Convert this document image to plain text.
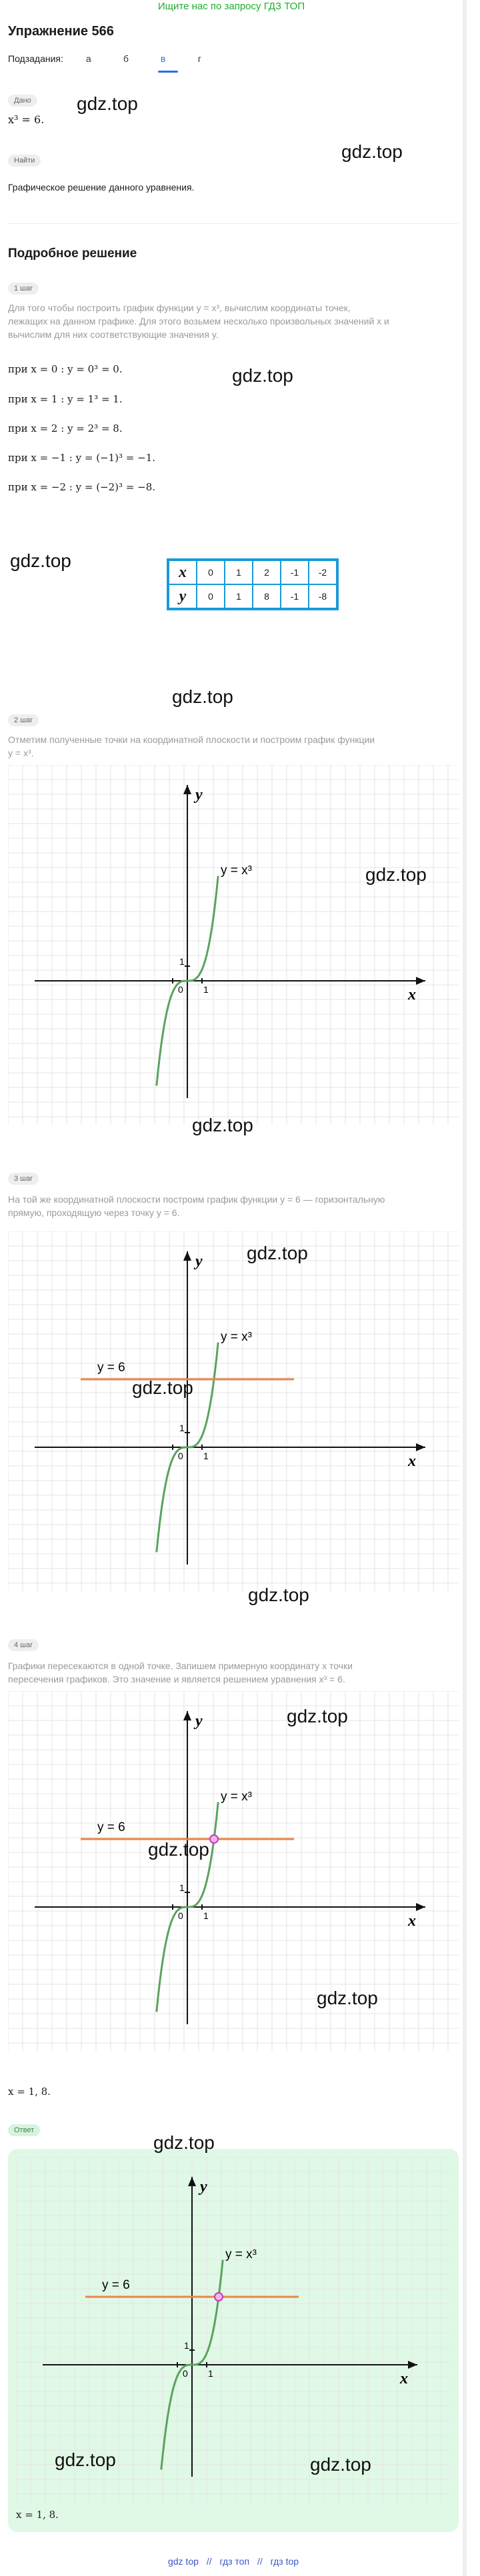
Ищите нас по запросу ГДЗ ТОП
Упражнение 566
Подзадания: а	б	в	г
Дано
x³ = 6.
gdz.top
gdz.top
Найти
Графическое решение данного уравнения.
Подробное решение
1 шаг
Для того чтобы построить график функции y = x³, вычислим координаты точек,
лежащих на данном графике. Для этого возьмем несколько произвольных значений x и
вычислим для них соответствующие значения y.
gdz.top
при x = 0 : y = 0³ = 0.
при x = 1 : y = 1³ = 1.
при x = 2 : y = 2³ = 8.
при x = −1 : y = (−1)³ = −1.
при x = −2 : y = (−2)³ = −8.
gdz.top
x	0	1	2	-1	-2
y	0	1	8	-1	-8
gdz.top
2 шаг
Отметим полученные точки на координатной плоскости и построим график функции
y = x³.
x
y
0 1
1
y = x³	gdz.top
gdz.top
3 шаг
На той же координатной плоскости построим график функции y = 6 — горизонтальную
прямую, проходящую через точку y = 6.
x
y
0 1
1
y = x³
y = 6
gdz.top
gdz.top
gdz.top
4 шаг
Графики пересекаются в одной точке. Запишем примерную координату x точки
пересечения графиков. Это значение и является решением уравнения x³ = 6.
x
y
0 1
1
y = x³
y = 6
gdz.top
gdz.top
gdz.top
x = 1, 8.
Ответ
x
y
0 1
1
y = x³
y = 6
x = 1, 8.
gdz.top
gdz.top	gdz.top
gdz top // гдз топ // гдз top
